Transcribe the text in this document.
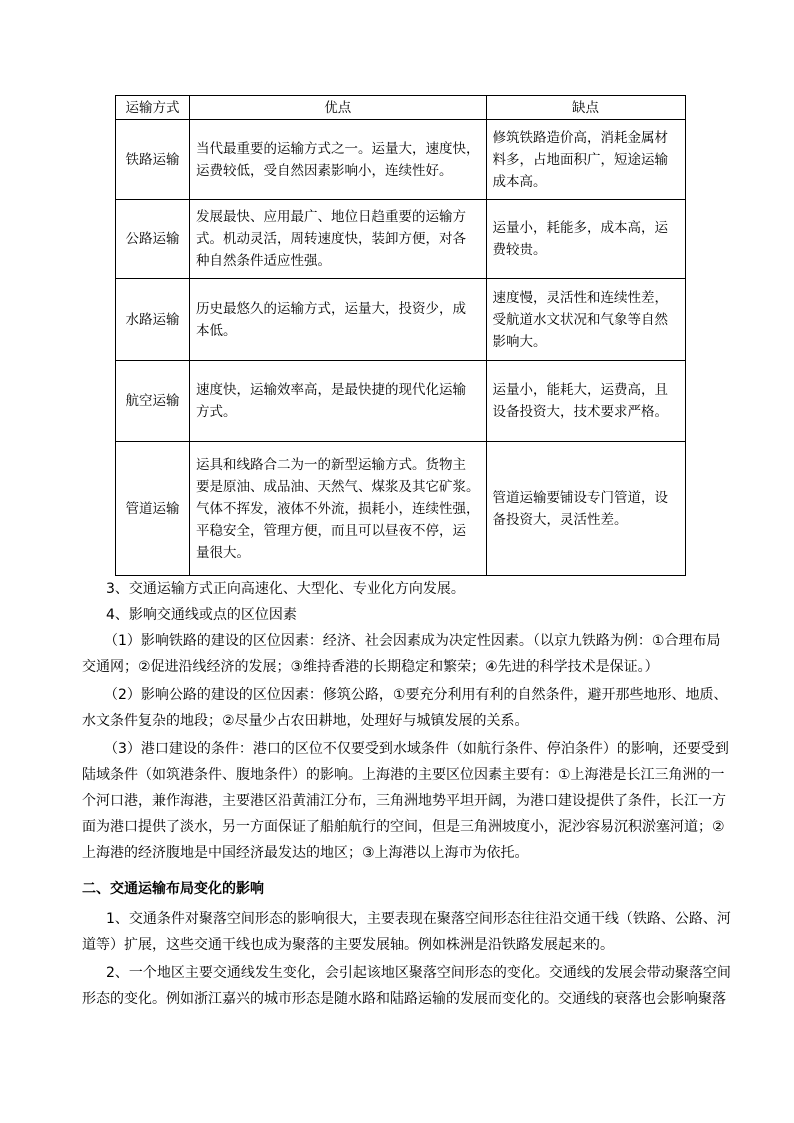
运输方式	优点	缺点
铁路运输	当代最重要的运输方式之一。运量大，速度快，
运费较低，受自然因素影响小，连续性好。	修筑铁路造价高，消耗金属材
料多，占地面积广，短途运输
成本高。

公路运输	发展最快、应用最广、地位日趋重要的运输方
式。机动灵活，周转速度快，装卸方便，对各
种自然条件适应性强。	运量小，耗能多，成本高，运
费较贵。

水路运输	历史最悠久的运输方式，运量大，投资少，成
本低。	速度慢，灵活性和连续性差，
受航道水文状况和气象等自然
影响大。

航空运输	速度快，运输效率高，是最快捷的现代化运输
方式。	运量小，能耗大，运费高，且
设备投资大，技术要求严格。

管道运输	运具和线路合二为一的新型运输方式。货物主
要是原油、成品油、天然气、煤浆及其它矿浆。
气体不挥发，液体不外流，损耗小，连续性强，
平稳安全，管理方便，而且可以昼夜不停，运
量很大。	管道运输要铺设专门管道，设
备投资大，灵活性差。
3、交通运输方式正向高速化、大型化、专业化方向发展。
4、影响交通线或点的区位因素
（1）影响铁路的建设的区位因素：经济、社会因素成为决定性因素。（以京九铁路为例：①合理布局
交通网；②促进沿线经济的发展；③维持香港的长期稳定和繁荣；④先进的科学技术是保证。）
（2）影响公路的建设的区位因素：修筑公路，①要充分利用有利的自然条件，避开那些地形、地质、
水文条件复杂的地段；②尽量少占农田耕地，处理好与城镇发展的关系。
（3）港口建设的条件：港口的区位不仅要受到水域条件（如航行条件、停泊条件）的影响，还要受到
陆域条件（如筑港条件、腹地条件）的影响。上海港的主要区位因素主要有：①上海港是长江三角洲的一
个河口港，兼作海港，主要港区沿黄浦江分布，三角洲地势平坦开阔，为港口建设提供了条件，长江一方
面为港口提供了淡水，另一方面保证了船舶航行的空间，但是三角洲坡度小，泥沙容易沉积淤塞河道；②
上海港的经济腹地是中国经济最发达的地区；③上海港以上海市为依托。
二、交通运输布局变化的影响
1、交通条件对聚落空间形态的影响很大，主要表现在聚落空间形态往往沿交通干线（铁路、公路、河
道等）扩展，这些交通干线也成为聚落的主要发展轴。例如株洲是沿铁路发展起来的。
2、一个地区主要交通线发生变化，会引起该地区聚落空间形态的变化。交通线的发展会带动聚落空间
形态的变化。例如浙江嘉兴的城市形态是随水路和陆路运输的发展而变化的。交通线的衰落也会影响聚落
